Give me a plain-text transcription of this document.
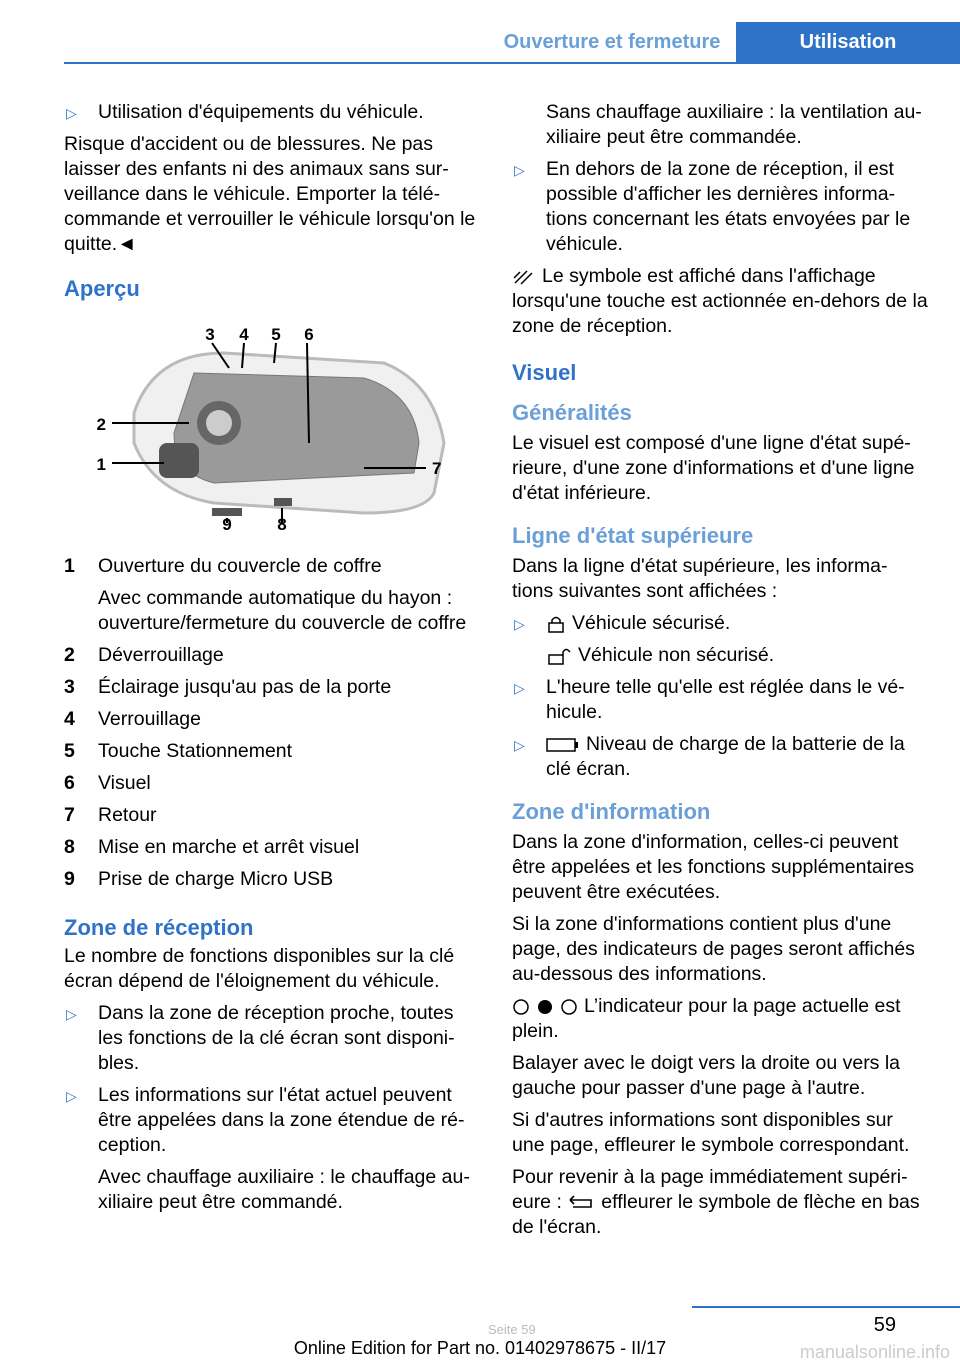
Ouverture et fermeture	Utilisation
▷ Utilisation d'équipements du véhicule.

Risque d'accident ou de blessures. Ne pas laisser des enfants ni des animaux sans sur-veillance dans le véhicule. Emporter la télé-commande et verrouiller le véhicule lorsqu'on le quitte.◄

Aperçu
1
2
3 4 5 6
7
8
9
1	Ouverture du couvercle de coffre
Avec commande automatique du hayon : ouverture/fermeture du couvercle de coffre
2	Déverrouillage
3	Éclairage jusqu'au pas de la porte
4	Verrouillage
5	Touche Stationnement
6	Visuel
7	Retour
8	Mise en marche et arrêt visuel
9	Prise de charge Micro USB
Zone de réception

Le nombre de fonctions disponibles sur la clé écran dépend de l'éloignement du véhicule.

▷ Dans la zone de réception proche, toutes les fonctions de la clé écran sont disponi-bles.
▷ Les informations sur l'état actuel peuvent être appelées dans la zone étendue de ré-ception.
Avec chauffage auxiliaire : le chauffage au-xiliaire peut être commandé.
Sans chauffage auxiliaire : la ventilation au-xiliaire peut être commandée.
▷ En dehors de la zone de réception, il est possible d'afficher les dernières informa-tions concernant les états envoyées par le véhicule.

Le symbole est affiché dans l'affichage lorsqu'une touche est actionnée en-dehors de la zone de réception.

Visuel
Généralités

Le visuel est composé d'une ligne d'état supé-rieure, d'une zone d'informations et d'une ligne d'état inférieure.

Ligne d'état supérieure

Dans la ligne d'état supérieure, les informa-tions suivantes sont affichées :

▷ Véhicule sécurisé.
Véhicule non sécurisé.
▷ L'heure telle qu'elle est réglée dans le vé-hicule.
▷	Niveau de charge de la batterie de la clé écran.
Zone d'information

Dans la zone d'information, celles-ci peuvent être appelées et les fonctions supplémentaires peuvent être exécutées.

Si la zone d'informations contient plus d'une page, des indicateurs de pages seront affichés au-dessous des informations.

L’indicateur pour la page actuelle est plein.

Balayer avec le doigt vers la droite ou vers la gauche pour passer d'une page à l'autre.

Si d'autres informations sont disponibles sur une page, effleurer le symbole correspondant.

Pour revenir à la page immédiatement supéri-eure : effleurer le symbole de flèche en bas de l'écran.

59
Seite 59
Online Edition for Part no. 01402978675 - II/17	manualsonline.info
